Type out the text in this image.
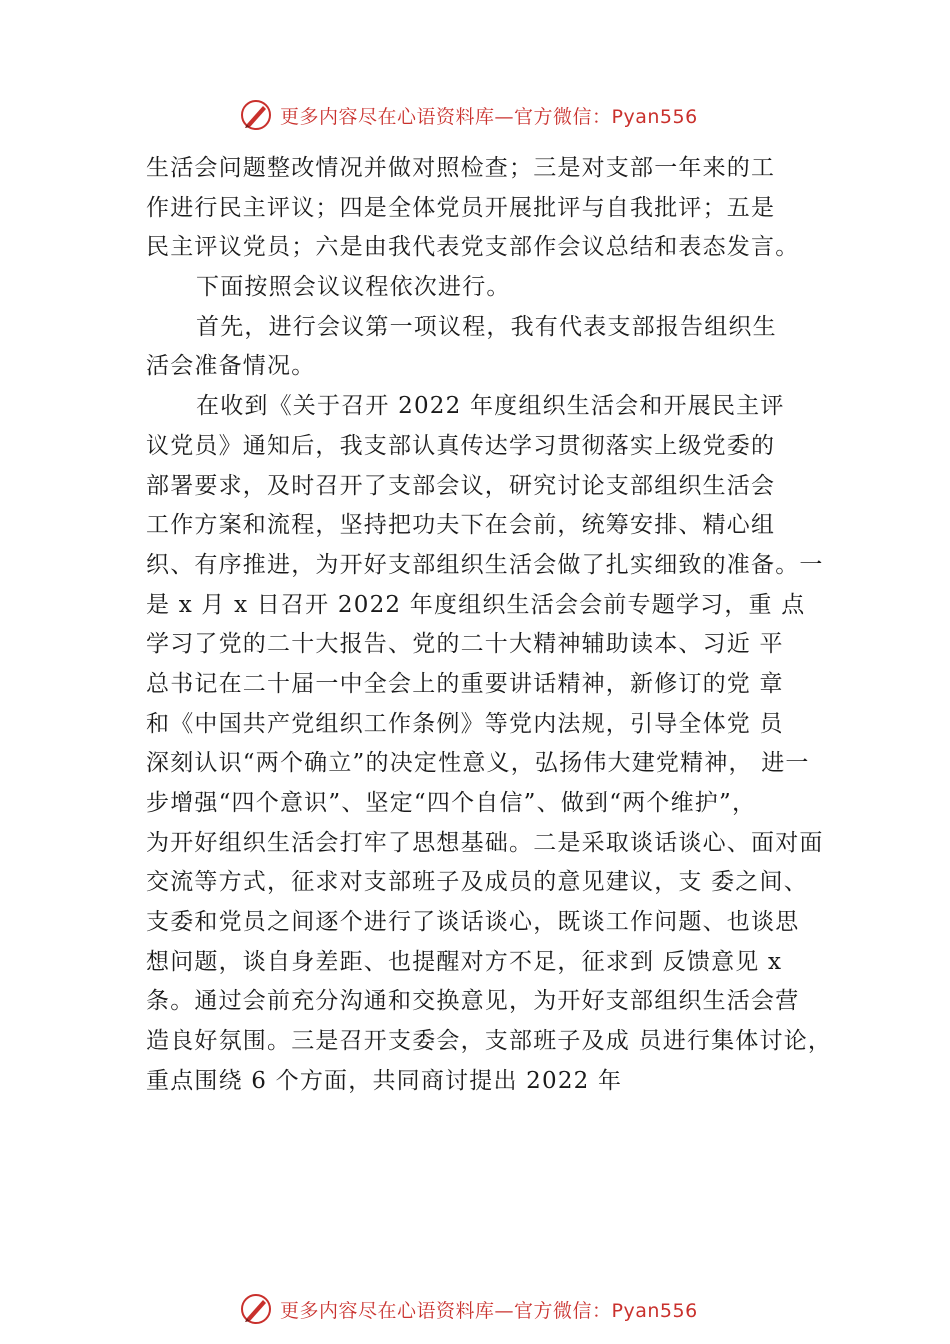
更多内容尽在心语资料库—官方微信：Pyan556
生活会问题整改情况并做对照检查；三是对支部一年来的工
作进行民主评议；四是全体党员开展批评与自我批评；五是
民主评议党员；六是由我代表党支部作会议总结和表态发言。
下面按照会议议程依次进行。
首先，进行会议第一项议程，我有代表支部报告组织生
活会准备情况。
在收到《关于召开 2022 年度组织生活会和开展民主评
议党员》通知后，我支部认真传达学习贯彻落实上级党委的
部署要求，及时召开了支部会议，研究讨论支部组织生活会
工作方案和流程，坚持把功夫下在会前，统筹安排、精心组
织、有序推进，为开好支部组织生活会做了扎实细致的准备。一
是 x 月 x 日召开 2022 年度组织生活会会前专题学习，重 点
学习了党的二十大报告、党的二十大精神辅助读本、习近 平
总书记在二十届一中全会上的重要讲话精神，新修订的党 章
和《中国共产党组织工作条例》等党内法规，引导全体党 员
深刻认识“两个确立”的决定性意义，弘扬伟大建党精神， 进一
步增强“四个意识”、坚定“四个自信”、做到“两个维护”，
为开好组织生活会打牢了思想基础。二是采取谈话谈心、面对面
交流等方式，征求对支部班子及成员的意见建议，支 委之间、
支委和党员之间逐个进行了谈话谈心，既谈工作问题、也谈思
想问题，谈自身差距、也提醒对方不足，征求到 反馈意见 x
条。通过会前充分沟通和交换意见，为开好支部组织生活会营
造良好氛围。三是召开支委会，支部班子及成 员进行集体讨论，
重点围绕 6 个方面，共同商讨提出 2022 年
更多内容尽在心语资料库—官方微信：Pyan556
